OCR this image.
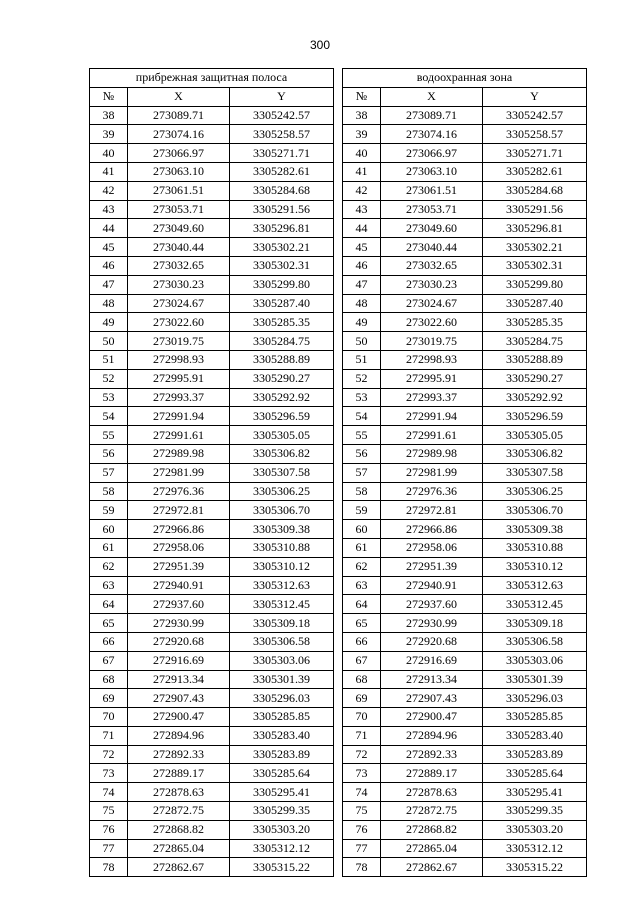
300
прибрежная защитная полоса		
№	X	Y
38	273089.71	3305242.57
39	273074.16	3305258.57
40	273066.97	3305271.71
41	273063.10	3305282.61
42	273061.51	3305284.68
43	273053.71	3305291.56
44	273049.60	3305296.81
45	273040.44	3305302.21
46	273032.65	3305302.31
47	273030.23	3305299.80
48	273024.67	3305287.40
49	273022.60	3305285.35
50	273019.75	3305284.75
51	272998.93	3305288.89
52	272995.91	3305290.27
53	272993.37	3305292.92
54	272991.94	3305296.59
55	272991.61	3305305.05
56	272989.98	3305306.82
57	272981.99	3305307.58
58	272976.36	3305306.25
59	272972.81	3305306.70
60	272966.86	3305309.38
61	272958.06	3305310.88
62	272951.39	3305310.12
63	272940.91	3305312.63
64	272937.60	3305312.45
65	272930.99	3305309.18
66	272920.68	3305306.58
67	272916.69	3305303.06
68	272913.34	3305301.39
69	272907.43	3305296.03
70	272900.47	3305285.85
71	272894.96	3305283.40
72	272892.33	3305283.89
73	272889.17	3305285.64
74	272878.63	3305295.41
75	272872.75	3305299.35
76	272868.82	3305303.20
77	272865.04	3305312.12
78	272862.67	3305315.22
водоохранная зона		
№	X	Y
38	273089.71	3305242.57
39	273074.16	3305258.57
40	273066.97	3305271.71
41	273063.10	3305282.61
42	273061.51	3305284.68
43	273053.71	3305291.56
44	273049.60	3305296.81
45	273040.44	3305302.21
46	273032.65	3305302.31
47	273030.23	3305299.80
48	273024.67	3305287.40
49	273022.60	3305285.35
50	273019.75	3305284.75
51	272998.93	3305288.89
52	272995.91	3305290.27
53	272993.37	3305292.92
54	272991.94	3305296.59
55	272991.61	3305305.05
56	272989.98	3305306.82
57	272981.99	3305307.58
58	272976.36	3305306.25
59	272972.81	3305306.70
60	272966.86	3305309.38
61	272958.06	3305310.88
62	272951.39	3305310.12
63	272940.91	3305312.63
64	272937.60	3305312.45
65	272930.99	3305309.18
66	272920.68	3305306.58
67	272916.69	3305303.06
68	272913.34	3305301.39
69	272907.43	3305296.03
70	272900.47	3305285.85
71	272894.96	3305283.40
72	272892.33	3305283.89
73	272889.17	3305285.64
74	272878.63	3305295.41
75	272872.75	3305299.35
76	272868.82	3305303.20
77	272865.04	3305312.12
78	272862.67	3305315.22
